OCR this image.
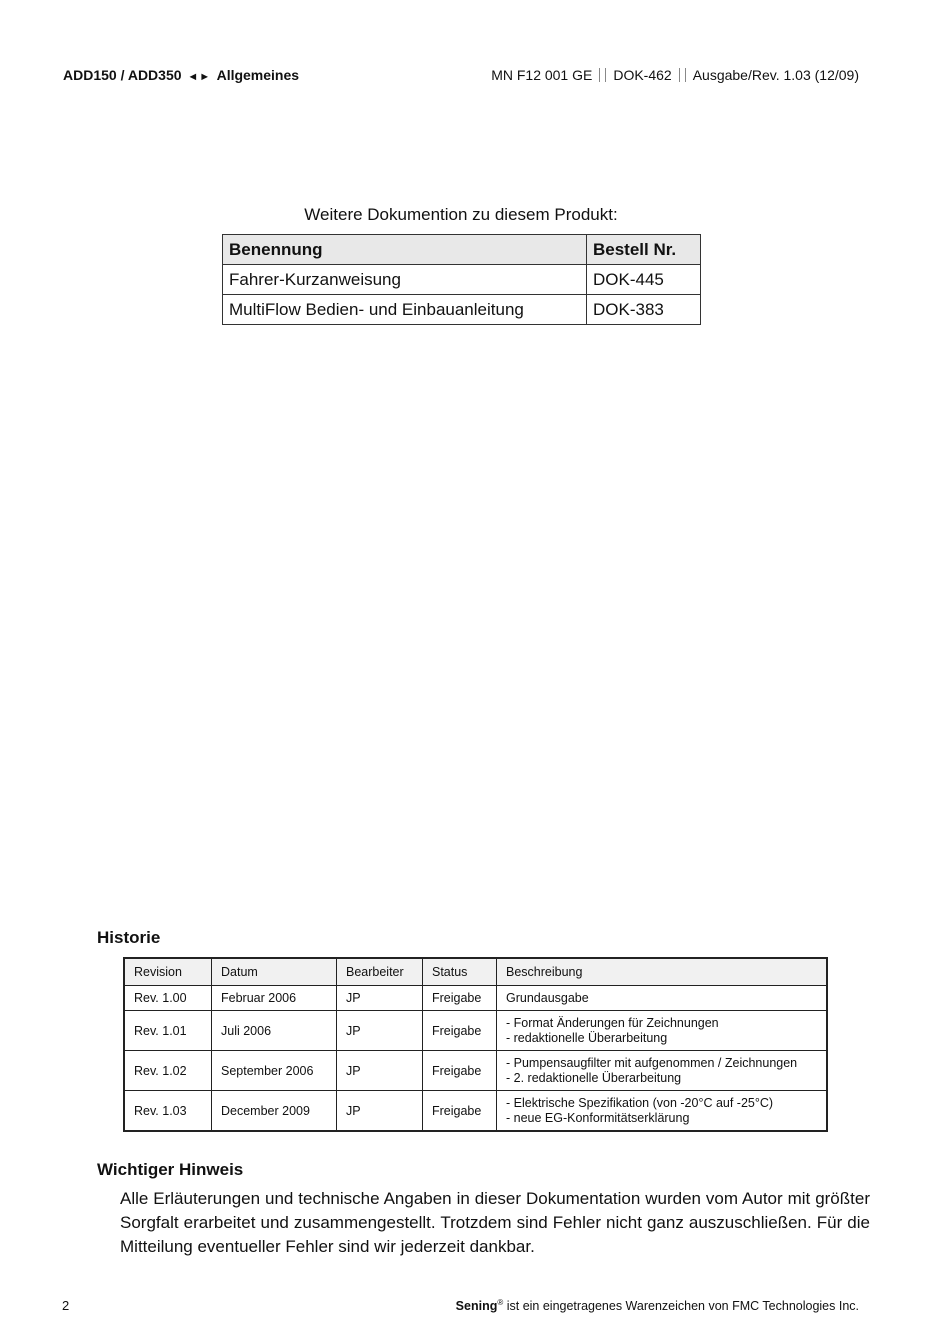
ADD150 / ADD350 ◄► Allgemeines	MN F12 001 GE DOK-462 Ausgabe/Rev. 1.03 (12/09)
Weitere Dokumention zu diesem Produkt:
Benennung	Bestell Nr.
Fahrer-Kurzanweisung	DOK-445
MultiFlow Bedien- und Einbauanleitung	DOK-383
Historie
Revision	Datum	Bearbeiter	Status	Beschreibung
Rev. 1.00	Februar 2006	JP	Freigabe	Grundausgabe

Rev. 1.01	Juli 2006	JP	Freigabe	- Format Änderungen für Zeichnungen
- redaktionelle Überarbeitung

Rev. 1.02	September 2006	JP	Freigabe	- Pumpensaugfilter mit aufgenommen / Zeichnungen
- 2. redaktionelle Überarbeitung

Rev. 1.03	December 2009	JP	Freigabe	- Elektrische Spezifikation (von -20°C auf -25°C)
- neue EG-Konformitätserklärung
Wichtiger Hinweis
Alle Erläuterungen und technische Angaben in dieser Dokumentation wurden vom Autor mit größter Sorgfalt erarbeitet und zusammengestellt. Trotzdem sind Fehler nicht ganz auszuschließen. Für die Mitteilung eventueller Fehler sind wir jederzeit dankbar.
2	Sening® ist ein eingetragenes Warenzeichen von FMC Technologies Inc.
